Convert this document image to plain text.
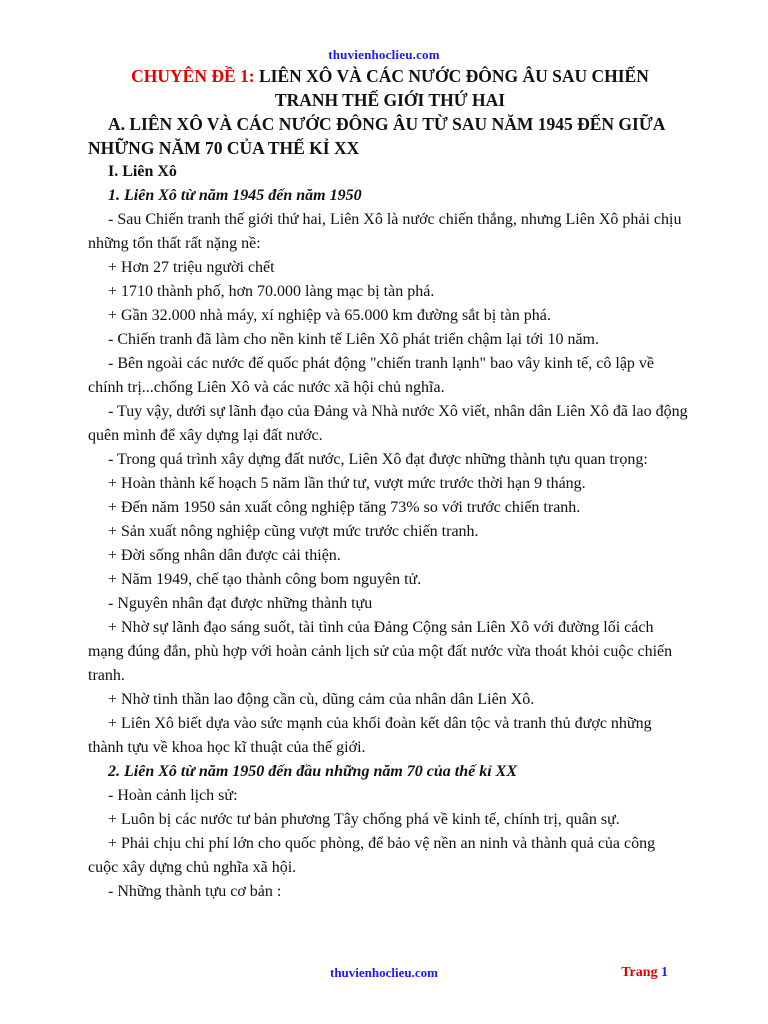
thuvienhoclieu.com
CHUYÊN ĐỀ 1: LIÊN XÔ VÀ CÁC NƯỚC ĐÔNG ÂU SAU CHIẾN TRANH THẾ GIỚI THỨ HAI
A. LIÊN XÔ VÀ CÁC NƯỚC ĐÔNG ÂU TỪ SAU NĂM 1945 ĐẾN GIỮA NHỮNG NĂM 70 CỦA THẾ KỈ XX

I. Liên Xô

1. Liên Xô từ năm 1945 đến năm 1950

- Sau Chiến tranh thế giới thứ hai, Liên Xô là nước chiến thắng, nhưng Liên Xô phải chịu những tổn thất rất nặng nề:

+ Hơn 27 triệu người chết

+ 1710 thành phố, hơn 70.000 làng mạc bị tàn phá.

+ Gần 32.000 nhà máy, xí nghiệp và 65.000 km đường sắt bị tàn phá.

- Chiến tranh đã làm cho nền kinh tế Liên Xô phát triển chậm lại tới 10 năm.

- Bên ngoài các nước đế quốc phát động "chiến tranh lạnh" bao vây kinh tế, cô lập về chính trị...chống Liên Xô và các nước xã hội chủ nghĩa.

- Tuy vậy, dưới sự lãnh đạo của Đảng và Nhà nước Xô viết, nhân dân Liên Xô đã lao động quên mình để xây dựng lại đất nước.

- Trong quá trình xây dựng đất nước, Liên Xô đạt được những thành tựu quan trọng:

+ Hoàn thành kế hoạch 5 năm lần thứ tư, vượt mức trước thời hạn 9 tháng.

+ Đến năm 1950 sản xuất công nghiệp tăng 73% so với trước chiến tranh.

+ Sản xuất nông nghiệp cũng vượt mức trước chiến tranh.

+ Đời sống nhân dân được cải thiện.

+ Năm 1949, chế tạo thành công bom nguyên tử.

- Nguyên nhân đạt được những thành tựu

+ Nhờ sự lãnh đạo sáng suốt, tài tình của Đảng Cộng sản Liên Xô với đường lối cách mạng đúng đắn, phù hợp với hoàn cảnh lịch sử của một đất nước vừa thoát khỏi cuộc chiến tranh.

+ Nhờ tinh thần lao động cần cù, dũng cảm của nhân dân Liên Xô.

+ Liên Xô biết dựa vào sức mạnh của khối đoàn kết dân tộc và tranh thủ được những thành tựu về khoa học kĩ thuật của thế giới.

2. Liên Xô từ năm 1950 đến đầu những năm 70 của thế kỉ XX

- Hoàn cảnh lịch sử:

+ Luôn bị các nước tư bản phương Tây chống phá về kinh tế, chính trị, quân sự.

+ Phải chịu chi phí lớn cho quốc phòng, để bảo vệ nền an ninh và thành quả của công cuộc xây dựng chủ nghĩa xã hội.

- Những thành tựu cơ bản :

thuvienhoclieu.com	Trang 1
